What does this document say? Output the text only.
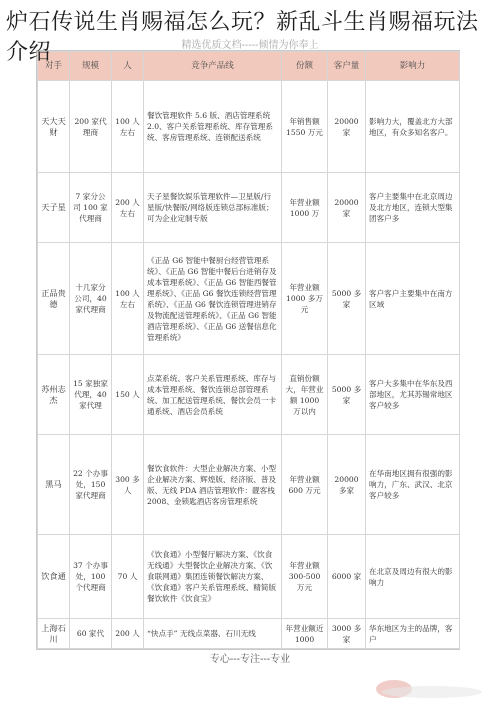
炉石传说生肖赐福怎么玩？新乱斗生肖赐福玩法介绍	精选优质文档-----倾情为你奉上
对手	规模	人	竞争产品线	份额	客户量	影响力
天大天财	200 家代理商	100 人左右	餐饮管理软件 5.6 版、酒店管理系统 2.0、客户关系管理系统、库存管理系统、客房管理系统、连锁配送系统	年销售额 1550 万元	20000 家	影响力大，覆盖北方大部地区，有众多知名客户。
天子星	7 家分公司 100 家代理商	200 人左右	天子星餐饮娱乐管理软件—卫星版/行星版/快餐版/网络版连锁总部标准版；可为企业定制专版	年营业额 1000 万	20000 家	客户主要集中在北京周边及北方地区，连锁大型集团客户多
正品贵德	十几家分公司，40 家代理商	100 人左右	《正品 G6 智能中餐厨台经营管理系统》、《正品 G6 智能中餐后台进销存及成本管理系统》、《正品 G6 智能西餐管理系统》、《正品 G6 餐饮连锁经营管理系统》、《正品 G6 餐饮连锁管理进销存及物流配送管理系统》、《正品 G6 智能酒店管理系统》、《正品 G6 送餐信息化管理系统》	年营业额 1000 多万元	5000 多家	客户客户主要集中在南方区域
苏州志杰	15 家独家代理，40 家代理	150 人	点菜系统、客户关系管理系统、库存与成本管理系统、餐饮连锁总部管理系统、加工配送管理系统、餐饮会员一卡通系统、酒店会员系统	直销份额大，年营业额 1000 万以内	5000 多家	客户大多集中在华东及西部地区，尤其苏锡常地区客户较多
黑马	22 个办事处，150 家代理商	300 多人	餐饮食软件：大型企业解决方案、小型企业解决方案、辉煌版、经济版、普及版、无线 PDA 酒店管理软件：靓客栈 2008、金锁匙酒店客房管理系统	年营业额 600 万元	20000 多家	在华南地区拥有很强的影响力，广东、武汉、北京客户较多
饮食通	37 个办事处，100 个代理商	70 人	《饮食通》小型餐厅解决方案、《饮食无线通》大型餐饮企业解决方案、《饮食联网通》集团连锁餐饮解决方案、《饮食通》客户关系管理系统、精简版餐饮软件《饮食宝》	年营业额 300-500 万元	6000 家	在北京及周边有很大的影响力
上海石川	60 家代	200 人	“快点手” 无线点菜器、石川无线	年营业额近 1000	3000 多家	华东地区为主的品牌，客户
专心---专注---专业
